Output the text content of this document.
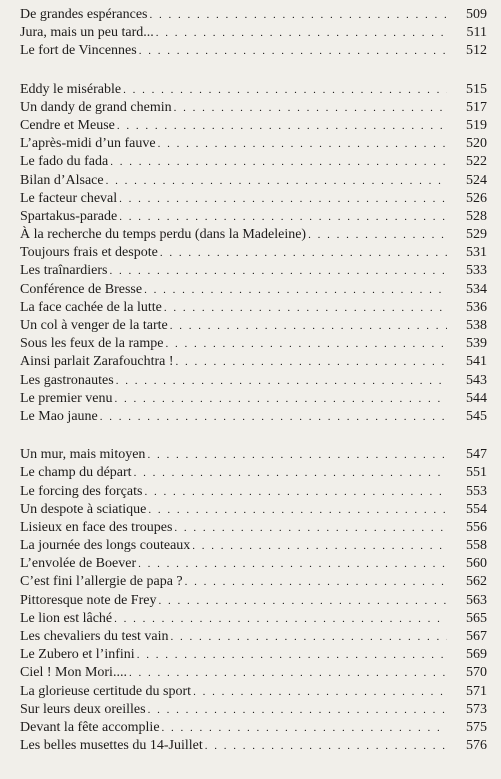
De grandes espérances . . .	509
Jura, mais un peu tard... . . .	511
Le fort de Vincennes . . .	512
Eddy le misérable . . .	515
Un dandy de grand chemin . . .	517
Cendre et Meuse . . .	519
L’après-midi d’un fauve . . .	520
Le fado du fada . . .	522
Bilan d’Alsace . . .	524
Le facteur cheval . . .	526
Spartakus-parade . . .	528
À la recherche du temps perdu (dans la Madeleine) . . .	529
Toujours frais et despote . . .	531
Les traînardiers . . .	533
Conférence de Bresse . . .	534
La face cachée de la lutte . . .	536
Un col à venger de la tarte . . .	538
Sous les feux de la rampe . . .	539
Ainsi parlait Zarafouchtra ! . . .	541
Les gastronautes . . .	543
Le premier venu . . .	544
Le Mao jaune . . .	545
Un mur, mais mitoyen . . .	547
Le champ du départ . . .	551
Le forcing des forçats . . .	553
Un despote à sciatique . . .	554
Lisieux en face des troupes . . .	556
La journée des longs couteaux . . .	558
L’envolée de Boever . . .	560
C’est fini l’allergie de papa ? . . .	562
Pittoresque note de Frey . . .	563
Le lion est lâché . . .	565
Les chevaliers du test vain . . .	567
Le Zubero et l’infini . . .	569
Ciel ! Mon Mori.... . . .	570
La glorieuse certitude du sport . . .	571
Sur leurs deux oreilles . . .	573
Devant la fête accomplie . . .	575
Les belles musettes du 14-Juillet . . .	576
